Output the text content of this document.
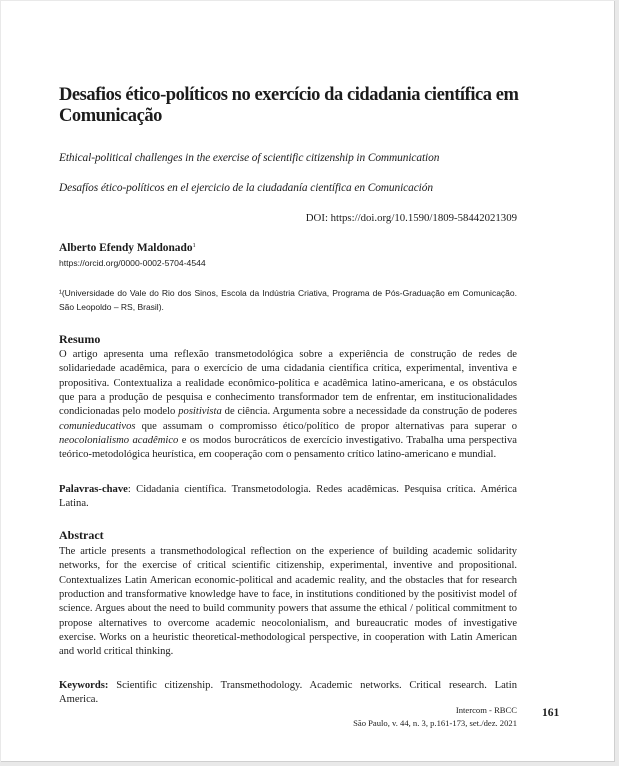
Desafios ético-políticos no exercício da cidadania científica em Comunicação

Ethical-political challenges in the exercise of scientific citizenship in Communication

Desafíos ético-políticos en el ejercicio de la ciudadanía científica en Comunicación

DOI: https://doi.org/10.1590/1809-58442021309
Alberto Efendy Maldonado$^1$
https://orcid.org/0000-0002-5704-4544

¹(Universidade do Vale do Rio dos Sinos, Escola da Indústria Criativa, Programa de Pós-Graduação em Comunicação. São Leopoldo – RS, Brasil).

Resumo

O artigo apresenta uma reflexão transmetodológica sobre a experiência de construção de redes de solidariedade acadêmica, para o exercício de uma cidadania científica crítica, experimental, inventiva e propositiva. Contextualiza a realidade econômico-política e acadêmica latino-americana, e os obstáculos que para a produção de pesquisa e conhecimento transformador tem de enfrentar, em institucionalidades condicionadas pelo modelo positivista de ciência. Argumenta sobre a necessidade da construção de poderes comunieducativos que assumam o compromisso ético/político de propor alternativas para superar o neocolonialismo acadêmico e os modos burocráticos de exercício investigativo. Trabalha uma perspectiva teórico-metodológica heurística, em cooperação com o pensamento crítico latino-americano e mundial.

Palavras-chave: Cidadania científica. Transmetodologia. Redes acadêmicas. Pesquisa crítica. América Latina.

Abstract

The article presents a transmethodological reflection on the experience of building academic solidarity networks, for the exercise of critical scientific citizenship, experimental, inventive and propositional. Contextualizes Latin American economic-political and academic reality, and the obstacles that for research production and transformative knowledge have to face, in institutions conditioned by the positivist model of science. Argues about the need to build community powers that assume the ethical / political commitment to propose alternatives to overcome academic neocolonialism, and bureaucratic modes of investigative exercise. Works on a heuristic theoretical-methodological perspective, in cooperation with Latin American and world critical thinking.

Keywords: Scientific citizenship. Transmethodology. Academic networks. Critical research. Latin America.

Intercom - RBCC
São Paulo, v. 44, n. 3, p.161-173, set./dez. 2021
161
